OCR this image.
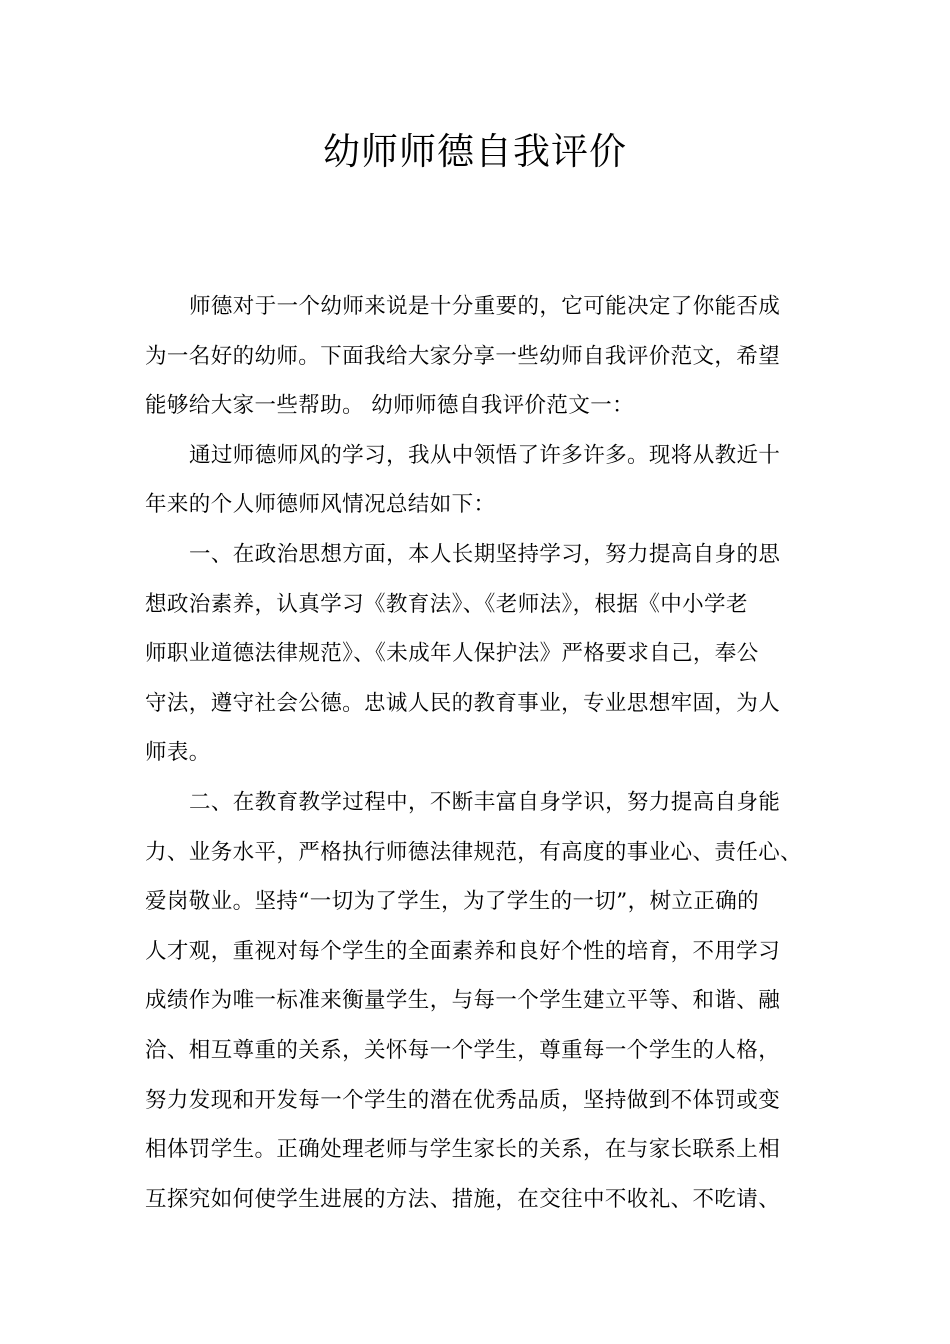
幼师师德自我评价
师德对于一个幼师来说是十分重要的，它可能决定了你能否成
为一名好的幼师。下面我给大家分享一些幼师自我评价范文，希望
能够给大家一些帮助。 幼师师德自我评价范文一：
通过师德师风的学习，我从中领悟了许多许多。现将从教近十
年来的个人师德师风情况总结如下：
一、在政治思想方面，本人长期坚持学习，努力提高自身的思
想政治素养，认真学习《教育法》、《老师法》，根据《中小学老
师职业道德法律规范》、《未成年人保护法》严格要求自己，奉公
守法，遵守社会公德。忠诚人民的教育事业，专业思想牢固，为人
师表。
二、在教育教学过程中，不断丰富自身学识，努力提高自身能
力、业务水平，严格执行师德法律规范，有高度的事业心、责任心、
爱岗敬业。坚持“一切为了学生，为了学生的一切”，树立正确的
人才观，重视对每个学生的全面素养和良好个性的培育，不用学习
成绩作为唯一标准来衡量学生，与每一个学生建立平等、和谐、融
洽、相互尊重的关系，关怀每一个学生，尊重每一个学生的人格，
努力发现和开发每一个学生的潜在优秀品质，坚持做到不体罚或变
相体罚学生。正确处理老师与学生家长的关系，在与家长联系上相
互探究如何使学生进展的方法、措施，在交往中不收礼、不吃请、
